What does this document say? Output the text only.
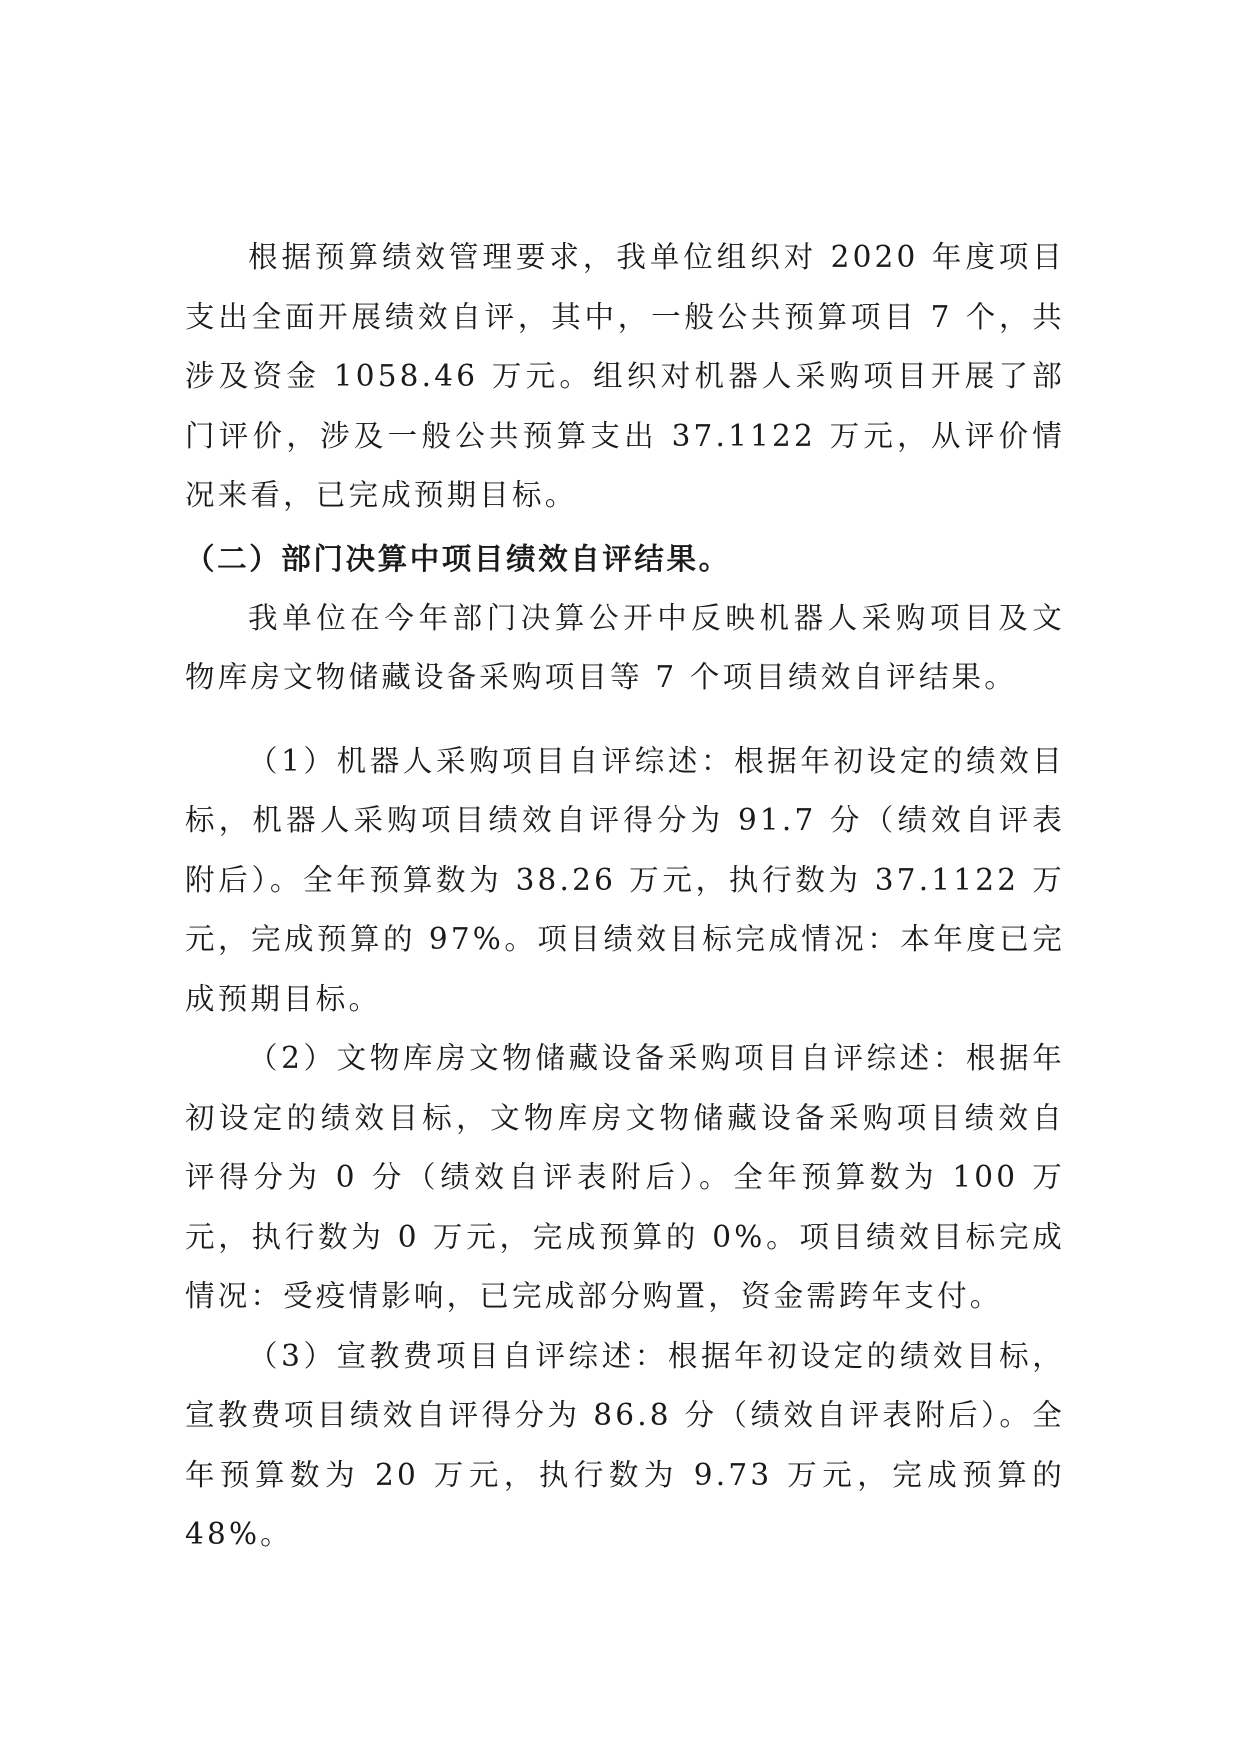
根据预算绩效管理要求，我单位组织对 2020 年度项目支出全面开展绩效自评，其中，一般公共预算项目 7 个，共涉及资金 1058.46 万元。组织对机器人采购项目开展了部门评价，涉及一般公共预算支出 37.1122 万元，从评价情况来看，已完成预期目标。

（二）部门决算中项目绩效自评结果。

我单位在今年部门决算公开中反映机器人采购项目及文物库房文物储藏设备采购项目等 7 个项目绩效自评结果。

（1）机器人采购项目自评综述：根据年初设定的绩效目标，机器人采购项目绩效自评得分为 91.7 分（绩效自评表附后）。全年预算数为 38.26 万元，执行数为 37.1122 万元，完成预算的 97%。项目绩效目标完成情况：本年度已完成预期目标。

（2）文物库房文物储藏设备采购项目自评综述：根据年初设定的绩效目标，文物库房文物储藏设备采购项目绩效自评得分为 0 分（绩效自评表附后）。全年预算数为 100 万元，执行数为 0 万元，完成预算的 0%。项目绩效目标完成情况：受疫情影响，已完成部分购置，资金需跨年支付。

（3）宣教费项目自评综述：根据年初设定的绩效目标，宣教费项目绩效自评得分为 86.8 分（绩效自评表附后）。全年预算数为 20 万元，执行数为 9.73 万元，完成预算的 48%。
